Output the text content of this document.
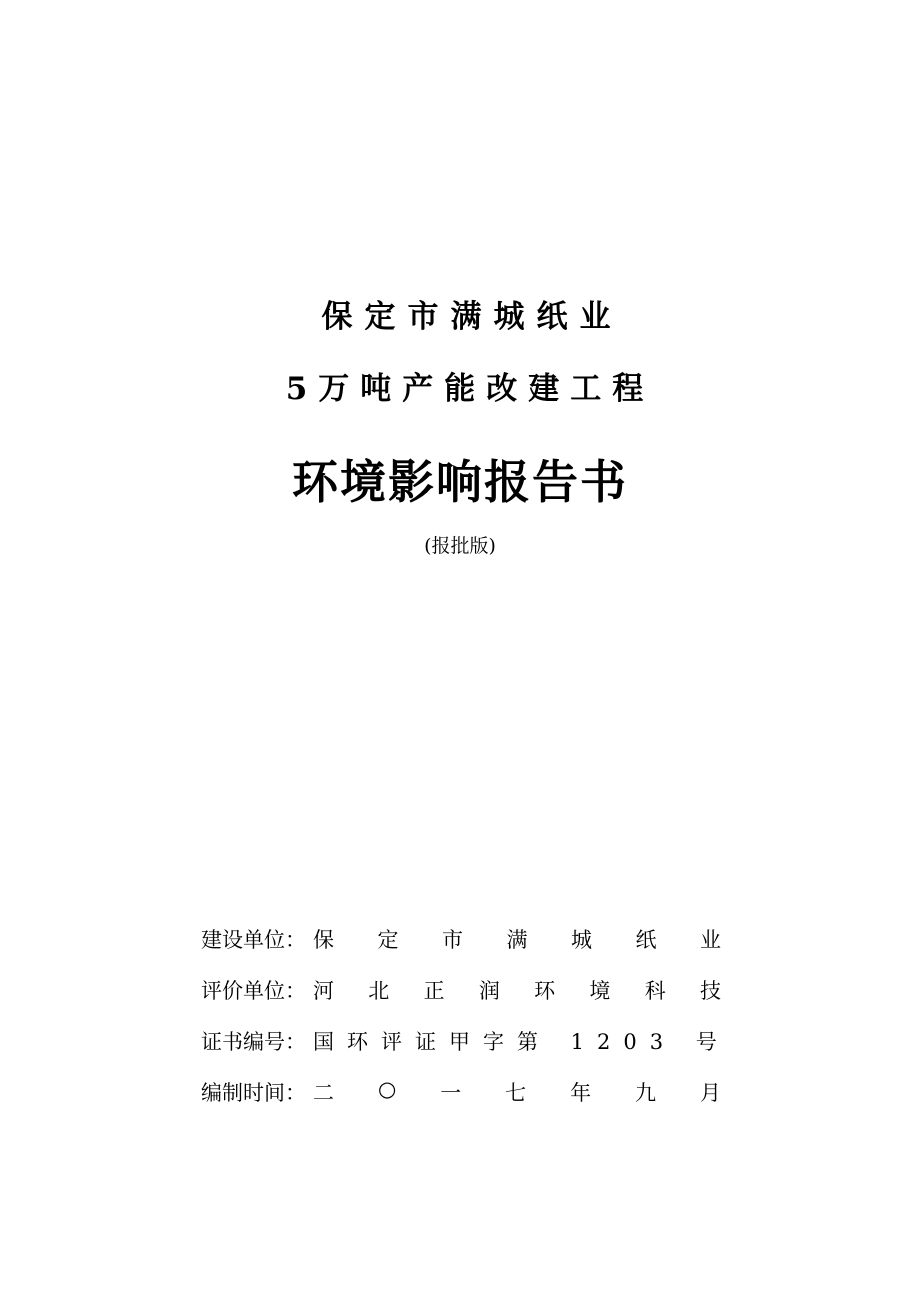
保定市满城纸业
5万吨产能改建工程
环境影响报告书
(报批版)
建设单位： 保 定 市 满 城 纸 业
评价单位： 河 北 正 润 环 境 科 技
证书编号： 国环评证甲字第 1203 号
编制时间： 二 ○ 一 七 年 九 月
